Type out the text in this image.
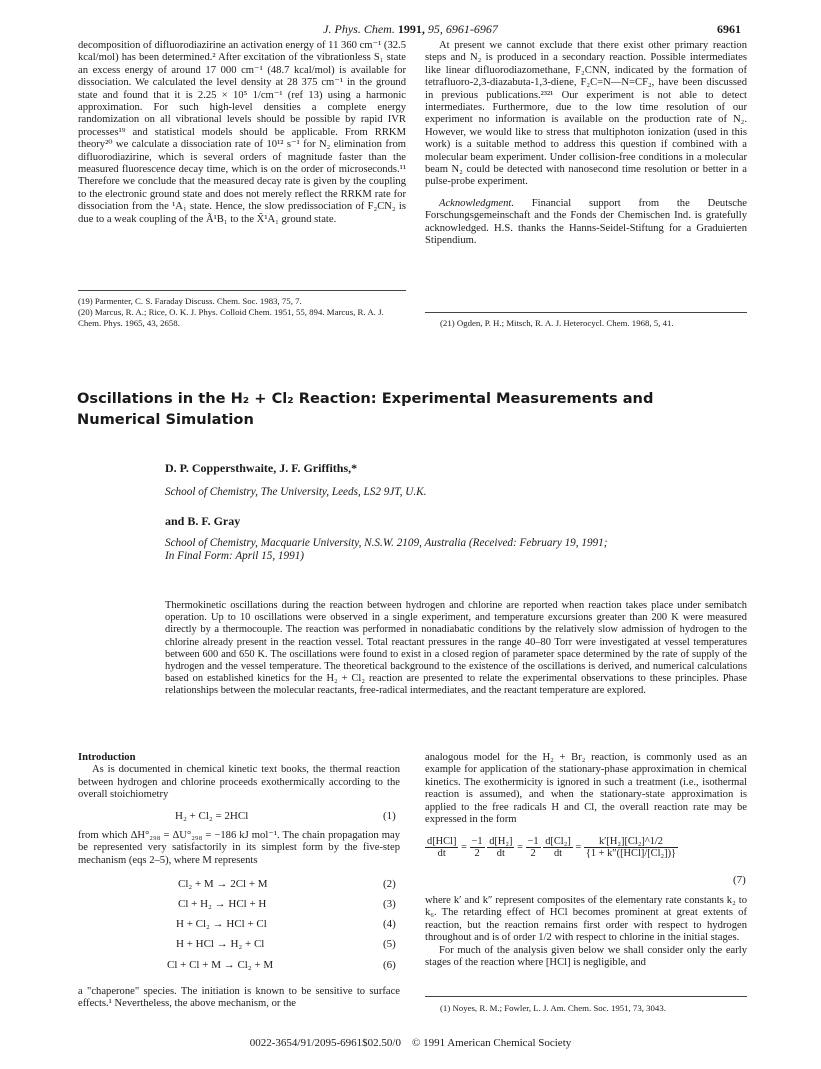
J. Phys. Chem. 1991, 95, 6961-6967	6961

decomposition of difluorodiazirine an activation energy of 11 360 cm⁻¹ (32.5 kcal/mol) has been determined.² After excitation of the vibrationless S₁ state an excess energy of around 17 000 cm⁻¹ (48.7 kcal/mol) is available for dissociation. We calculated the level density at 28 375 cm⁻¹ in the ground state and found that it is 2.25 × 10⁵ 1/cm⁻¹ (ref 13) using a harmonic approximation. For such high-level densities a complete energy randomization on all vibrational levels should be possible by rapid IVR processes¹⁹ and statistical models should be applicable. From RRKM theory²⁰ we calculate a dissociation rate of 10¹² s⁻¹ for N₂ elimination from difluorodiazirine, which is several orders of magnitude faster than the measured fluorescence decay time, which is on the order of microseconds.¹¹ Therefore we conclude that the measured decay rate is given by the coupling to the electronic ground state and does not merely reflect the RRKM rate for dissociation from the ¹A₁ state. Hence, the slow predissociation of F₂CN₂ is due to a weak coupling of the Ã¹B₁ to the X̃¹A₁ ground state.

(19) Parmenter, C. S. Faraday Discuss. Chem. Soc. 1983, 75, 7.
(20) Marcus, R. A.; Rice, O. K. J. Phys. Colloid Chem. 1951, 55, 894. Marcus, R. A. J. Chem. Phys. 1965, 43, 2658.

At present we cannot exclude that there exist other primary reaction steps and N₂ is produced in a secondary reaction. Possible intermediates like linear difluorodiazomethane, F₂CNN, indicated by the formation of tetrafluoro-2,3-diazabuta-1,3-diene, F₂C=N—N=CF₂, have been discussed in previous publications.²³²¹ Our experiment is not able to detect intermediates. Furthermore, due to the low time resolution of our experiment no information is available on the production rate of N₂. However, we would like to stress that multiphoton ionization (used in this work) is a suitable method to address this question if combined with a molecular beam experiment. Under collision-free conditions in a molecular beam N₂ could be detected with nanosecond time resolution or better in a pulse-probe experiment.

Acknowledgment. Financial support from the Deutsche Forschungsgemeinschaft and the Fonds der Chemischen Ind. is gratefully acknowledged. H.S. thanks the Hanns-Seidel-Stiftung for a Graduierten Stipendium.

(21) Ogden, P. H.; Mitsch, R. A. J. Heterocycl. Chem. 1968, 5, 41.
Oscillations in the H₂ + Cl₂ Reaction: Experimental Measurements and Numerical Simulation
D. P. Coppersthwaite, J. F. Griffiths,*
School of Chemistry, The University, Leeds, LS2 9JT, U.K.
and B. F. Gray
School of Chemistry, Macquarie University, N.S.W. 2109, Australia (Received: February 19, 1991;
In Final Form: April 15, 1991)
Thermokinetic oscillations during the reaction between hydrogen and chlorine are reported when reaction takes place under semibatch operation. Up to 10 oscillations were observed in a single experiment, and temperature excursions greater than 200 K were measured directly by a thermocouple. The reaction was performed in nonadiabatic conditions by the relatively slow admission of hydrogen to the chlorine already present in the reaction vessel. Total reactant pressures in the range 40–80 Torr were investigated at vessel temperatures between 600 and 650 K. The oscillations were found to exist in a closed region of parameter space determined by the rate of supply of the hydrogen and the vessel temperature. The theoretical background to the existence of the oscillations is derived, and numerical calculations based on established kinetics for the H₂ + Cl₂ reaction are presented to relate the experimental observations to these principles. Phase relationships between the molecular reactants, free-radical intermediates, and the reactant temperature are explored.
Introduction

As is documented in chemical kinetic text books, the thermal reaction between hydrogen and chlorine proceeds exothermically according to the overall stoichiometry

H₂ + Cl₂ = 2HCl	(1)

from which ΔH°₂₉₈ = ΔU°₂₉₈ = −186 kJ mol⁻¹. The chain propagation may be represented very satisfactorily in its simplest form by the five-step mechanism (eqs 2–5), where M represents

Cl₂ + M → 2Cl + M	(2)
Cl + H₂ → HCl + H	(3)
H + Cl₂ → HCl + Cl	(4)
H + HCl → H₂ + Cl	(5)
Cl + Cl + M → Cl₂ + M	(6)

a "chaperone" species. The initiation is known to be sensitive to surface effects.¹ Nevertheless, the above mechanism, or the

analogous model for the H₂ + Br₂ reaction, is commonly used as an example for application of the stationary-phase approximation in chemical kinetics. The exothermicity is ignored in such a treatment (i.e., isothermal reaction is assumed), and when the stationary-state approximation is applied to the free radicals H and Cl, the overall reaction rate may be expressed in the form

$\frac{\text{d[HCl]}}{dt} = \frac{-1}{2}$
$\frac{\text{d[H₂]}}{dt} = \frac{-1}{2}$
$\frac{\text{d[Cl₂]}}{dt} = \frac{\text{k′[H₂][Cl₂]\textasciicircum{}1/2}}{\text{\{1 + k″([HCl]/[Cl₂])\}}}$
(7)

where k′ and k″ represent composites of the elementary rate constants k₂ to k₆. The retarding effect of HCl becomes prominent at great extents of reaction, but the reaction remains first order with respect to hydrogen throughout and is of order 1/2 with respect to chlorine in the initial stages.

For much of the analysis given below we shall consider only the early stages of the reaction where [HCl] is negligible, and

(1) Noyes, R. M.; Fowler, L. J. Am. Chem. Soc. 1951, 73, 3043.
0022-3654/91/2095-6961$02.50/0 © 1991 American Chemical Society
